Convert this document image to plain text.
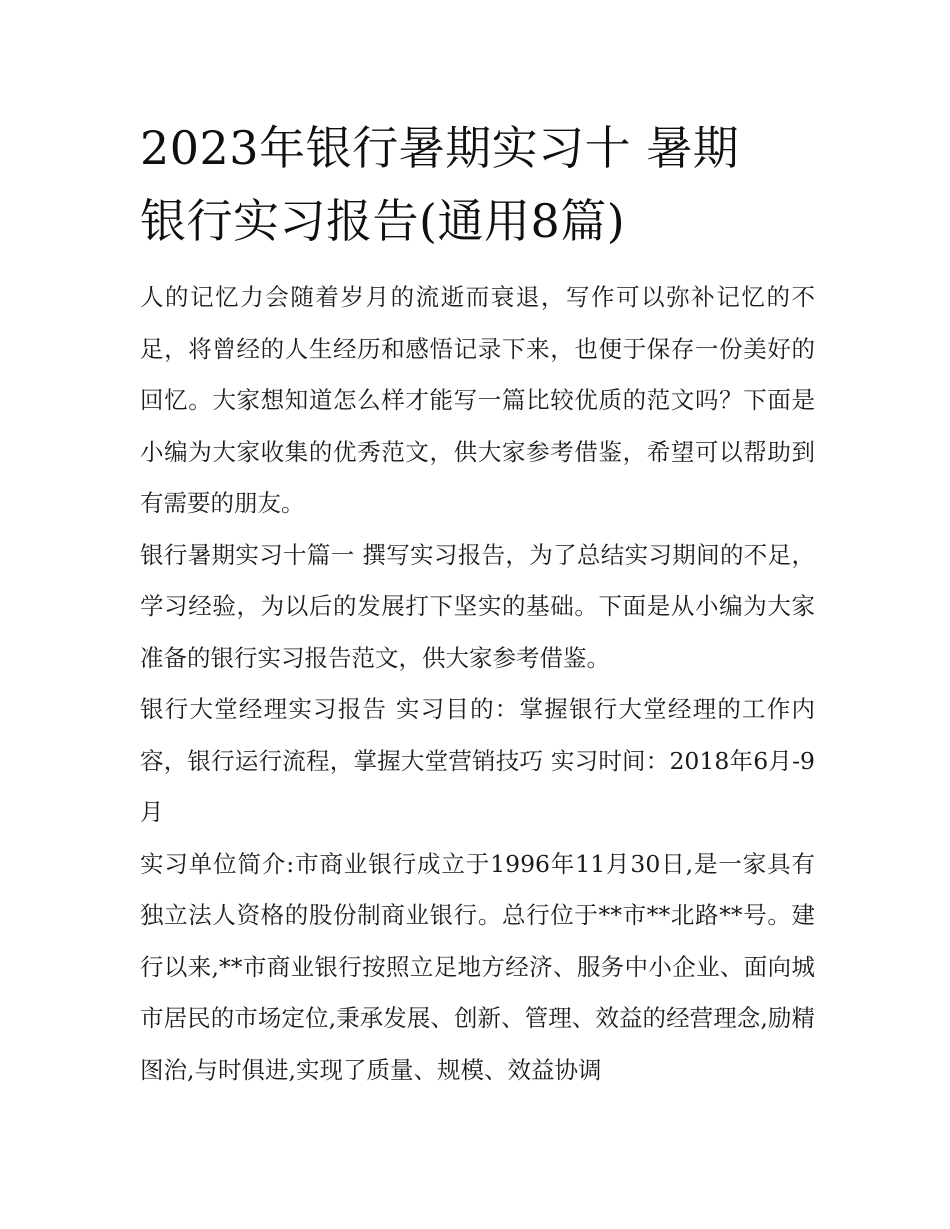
2023年银行暑期实习十 暑期
银行实习报告(通用8篇)

人的记忆力会随着岁月的流逝而衰退，写作可以弥补记忆的不足，将曾经的人生经历和感悟记录下来，也便于保存一份美好的回忆。大家想知道怎么样才能写一篇比较优质的范文吗？下面是小编为大家收集的优秀范文，供大家参考借鉴，希望可以帮助到有需要的朋友。

银行暑期实习十篇一 撰写实习报告，为了总结实习期间的不足，学习经验，为以后的发展打下坚实的基础。下面是从小编为大家准备的银行实习报告范文，供大家参考借鉴。

银行大堂经理实习报告 实习目的：掌握银行大堂经理的工作内容，银行运行流程，掌握大堂营销技巧 实习时间：2018年6月-9月

实习单位简介:市商业银行成立于1996年11月30日,是一家具有独立法人资格的股份制商业银行。总行位于**市**北路**号。建行以来,**市商业银行按照立足地方经济、服务中小企业、面向城市居民的市场定位,秉承发展、创新、管理、效益的经营理念,励精图治,与时俱进,实现了质量、规模、效益协调
